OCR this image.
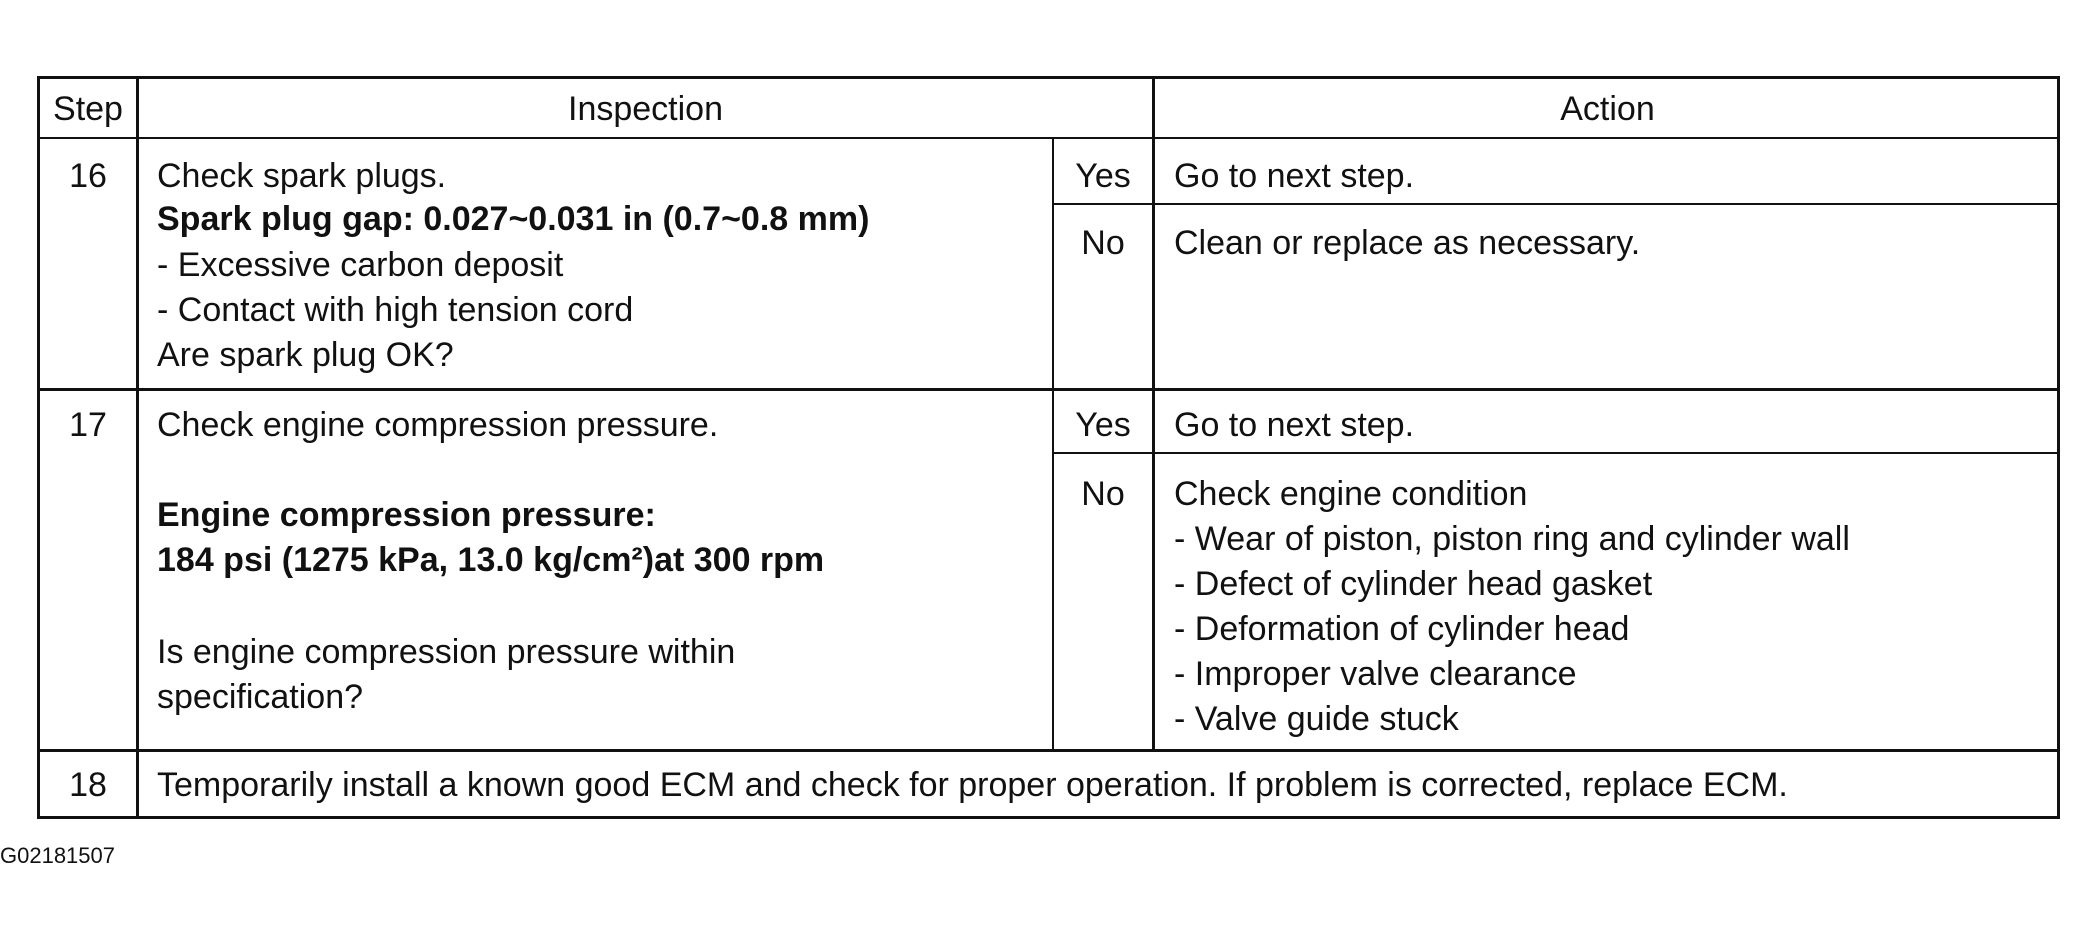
Step	Inspection	Action
16	Check spark plugs.
Spark plug gap: 0.027~0.031 in (0.7~0.8 mm)
- Excessive carbon deposit
- Contact with high tension cord
Are spark plug OK?
Yes	Go to next step.
No	Clean or replace as necessary.
17	Check engine compression pressure.
Engine compression pressure:
184 psi (1275 kPa, 13.0 kg/cm²)at 300 rpm
Is engine compression pressure within
specification?
Yes	Go to next step.
No	Check engine condition
- Wear of piston, piston ring and cylinder wall
- Defect of cylinder head gasket
- Deformation of cylinder head
- Improper valve clearance
- Valve guide stuck
18	Temporarily install a known good ECM and check for proper operation. If problem is corrected, replace ECM.
G02181507
